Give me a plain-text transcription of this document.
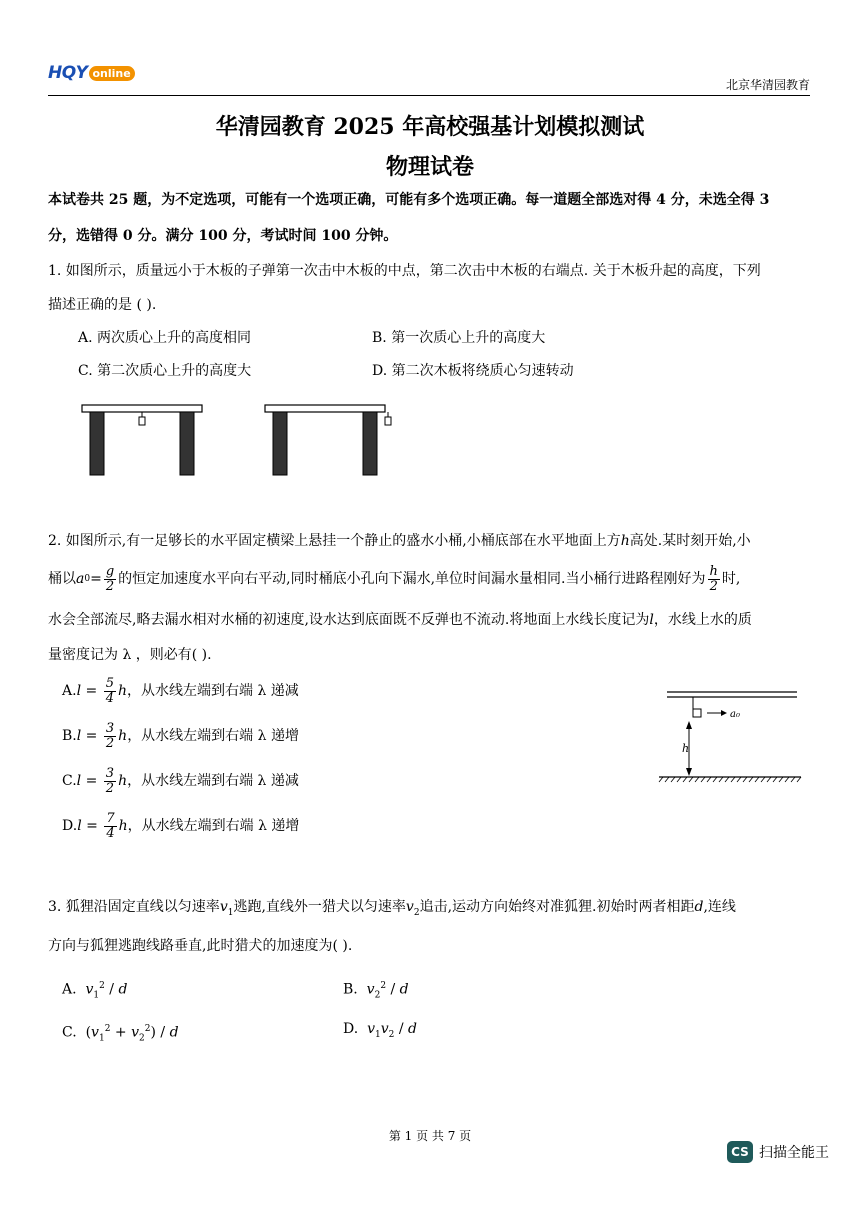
HQY online
北京华清园教育
华清园教育 2025 年高校强基计划模拟测试
物理试卷
本试卷共 25 题，为不定选项，可能有一个选项正确，可能有多个选项正确。每一道题全部选对得 4 分，未选全得 3
分，选错得 0 分。满分 100 分，考试时间 100 分钟。
1. 如图所示，质量远小于木板的子弹第一次击中木板的中点，第二次击中木板的右端点. 关于木板升起的高度，下列
描述正确的是 ( ).
A. 两次质心上升的高度相同	B. 第一次质心上升的高度大
C. 第二次质心上升的高度大	D. 第二次木板将绕质心匀速转动
2. 如图所示,有一足够长的水平固定横梁上悬挂一个静止的盛水小桶,小桶底部在水平地面上方h高处.某时刻开始,小
桶以 a $0 = \frac{g}{2}$ 的恒定加速度水平向右平动,同时桶底小孔向下漏水,单位时间漏水量相同.当小桶行进路程刚好为 $\frac{h}{2}$ 时,
水会全部流尽,略去漏水相对水桶的初速度,设水达到底面既不反弹也不流动.将地面上水线长度记为l，水线上水的质
量密度记为 λ ，则必有( ).
A. $l = \frac{5}{4}$ h ，从水线左端到右端 λ 递减
B. $l = \frac{3}{2}$ h ，从水线左端到右端 λ 递增
C. $l = \frac{3}{2}$ h ，从水线左端到右端 λ 递减
D. $l = \frac{7}{4}$ h ，从水线左端到右端 λ 递增
a₀
h
3. 狐狸沿固定直线以匀速率$v_1$逃跑,直线外一猎犬以匀速率$v_2$追击,运动方向始终对准狐狸.初始时两者相距d,连线
方向与狐狸逃跑线路垂直,此时猎犬的加速度为( ).
A. $v_1^2$ / d	B. $v_2^2$ / d
C.  $(v_1^2 + v_2^2) / d$	D. $v_1v_2$ / d
第 1 页 共 7 页
CS 扫描全能王
